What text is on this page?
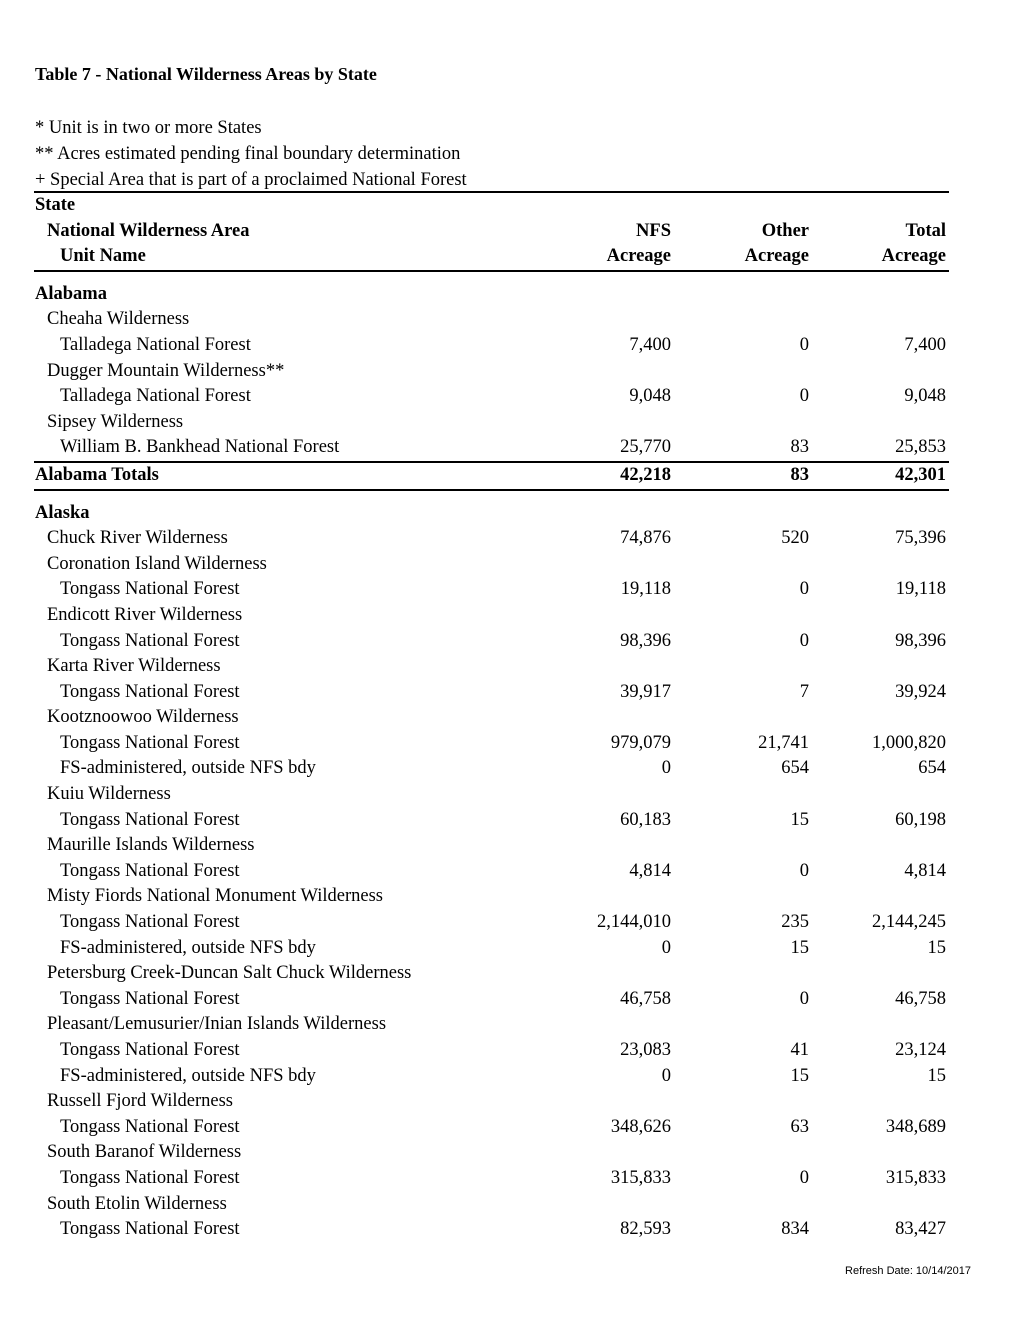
Table 7 - National Wilderness Areas by State
* Unit is in two or more States
** Acres estimated pending final boundary determination
+ Special Area that is part of a proclaimed National Forest
State
National Wilderness Area	NFS	Other	Total
Unit Name	Acreage	Acreage	Acreage
Alabama
Cheaha Wilderness
Talladega National Forest	7,400	0	7,400
Dugger Mountain Wilderness**
Talladega National Forest	9,048	0	9,048
Sipsey Wilderness
William B. Bankhead National Forest	25,770	83	25,853
Alabama Totals	42,218	83	42,301
Alaska
Chuck River Wilderness	74,876	520	75,396
Coronation Island Wilderness
Tongass National Forest	19,118	0	19,118
Endicott River Wilderness
Tongass National Forest	98,396	0	98,396
Karta River Wilderness
Tongass National Forest	39,917	7	39,924
Kootznoowoo Wilderness
Tongass National Forest	979,079	21,741	1,000,820
FS-administered, outside NFS bdy	0	654	654
Kuiu Wilderness
Tongass National Forest	60,183	15	60,198
Maurille Islands Wilderness
Tongass National Forest	4,814	0	4,814
Misty Fiords National Monument Wilderness
Tongass National Forest	2,144,010	235	2,144,245
FS-administered, outside NFS bdy	0	15	15
Petersburg Creek-Duncan Salt Chuck Wilderness
Tongass National Forest	46,758	0	46,758
Pleasant/Lemusurier/Inian Islands Wilderness
Tongass National Forest	23,083	41	23,124
FS-administered, outside NFS bdy	0	15	15
Russell Fjord Wilderness
Tongass National Forest	348,626	63	348,689
South Baranof Wilderness
Tongass National Forest	315,833	0	315,833
South Etolin Wilderness
Tongass National Forest	82,593	834	83,427
Refresh Date: 10/14/2017
